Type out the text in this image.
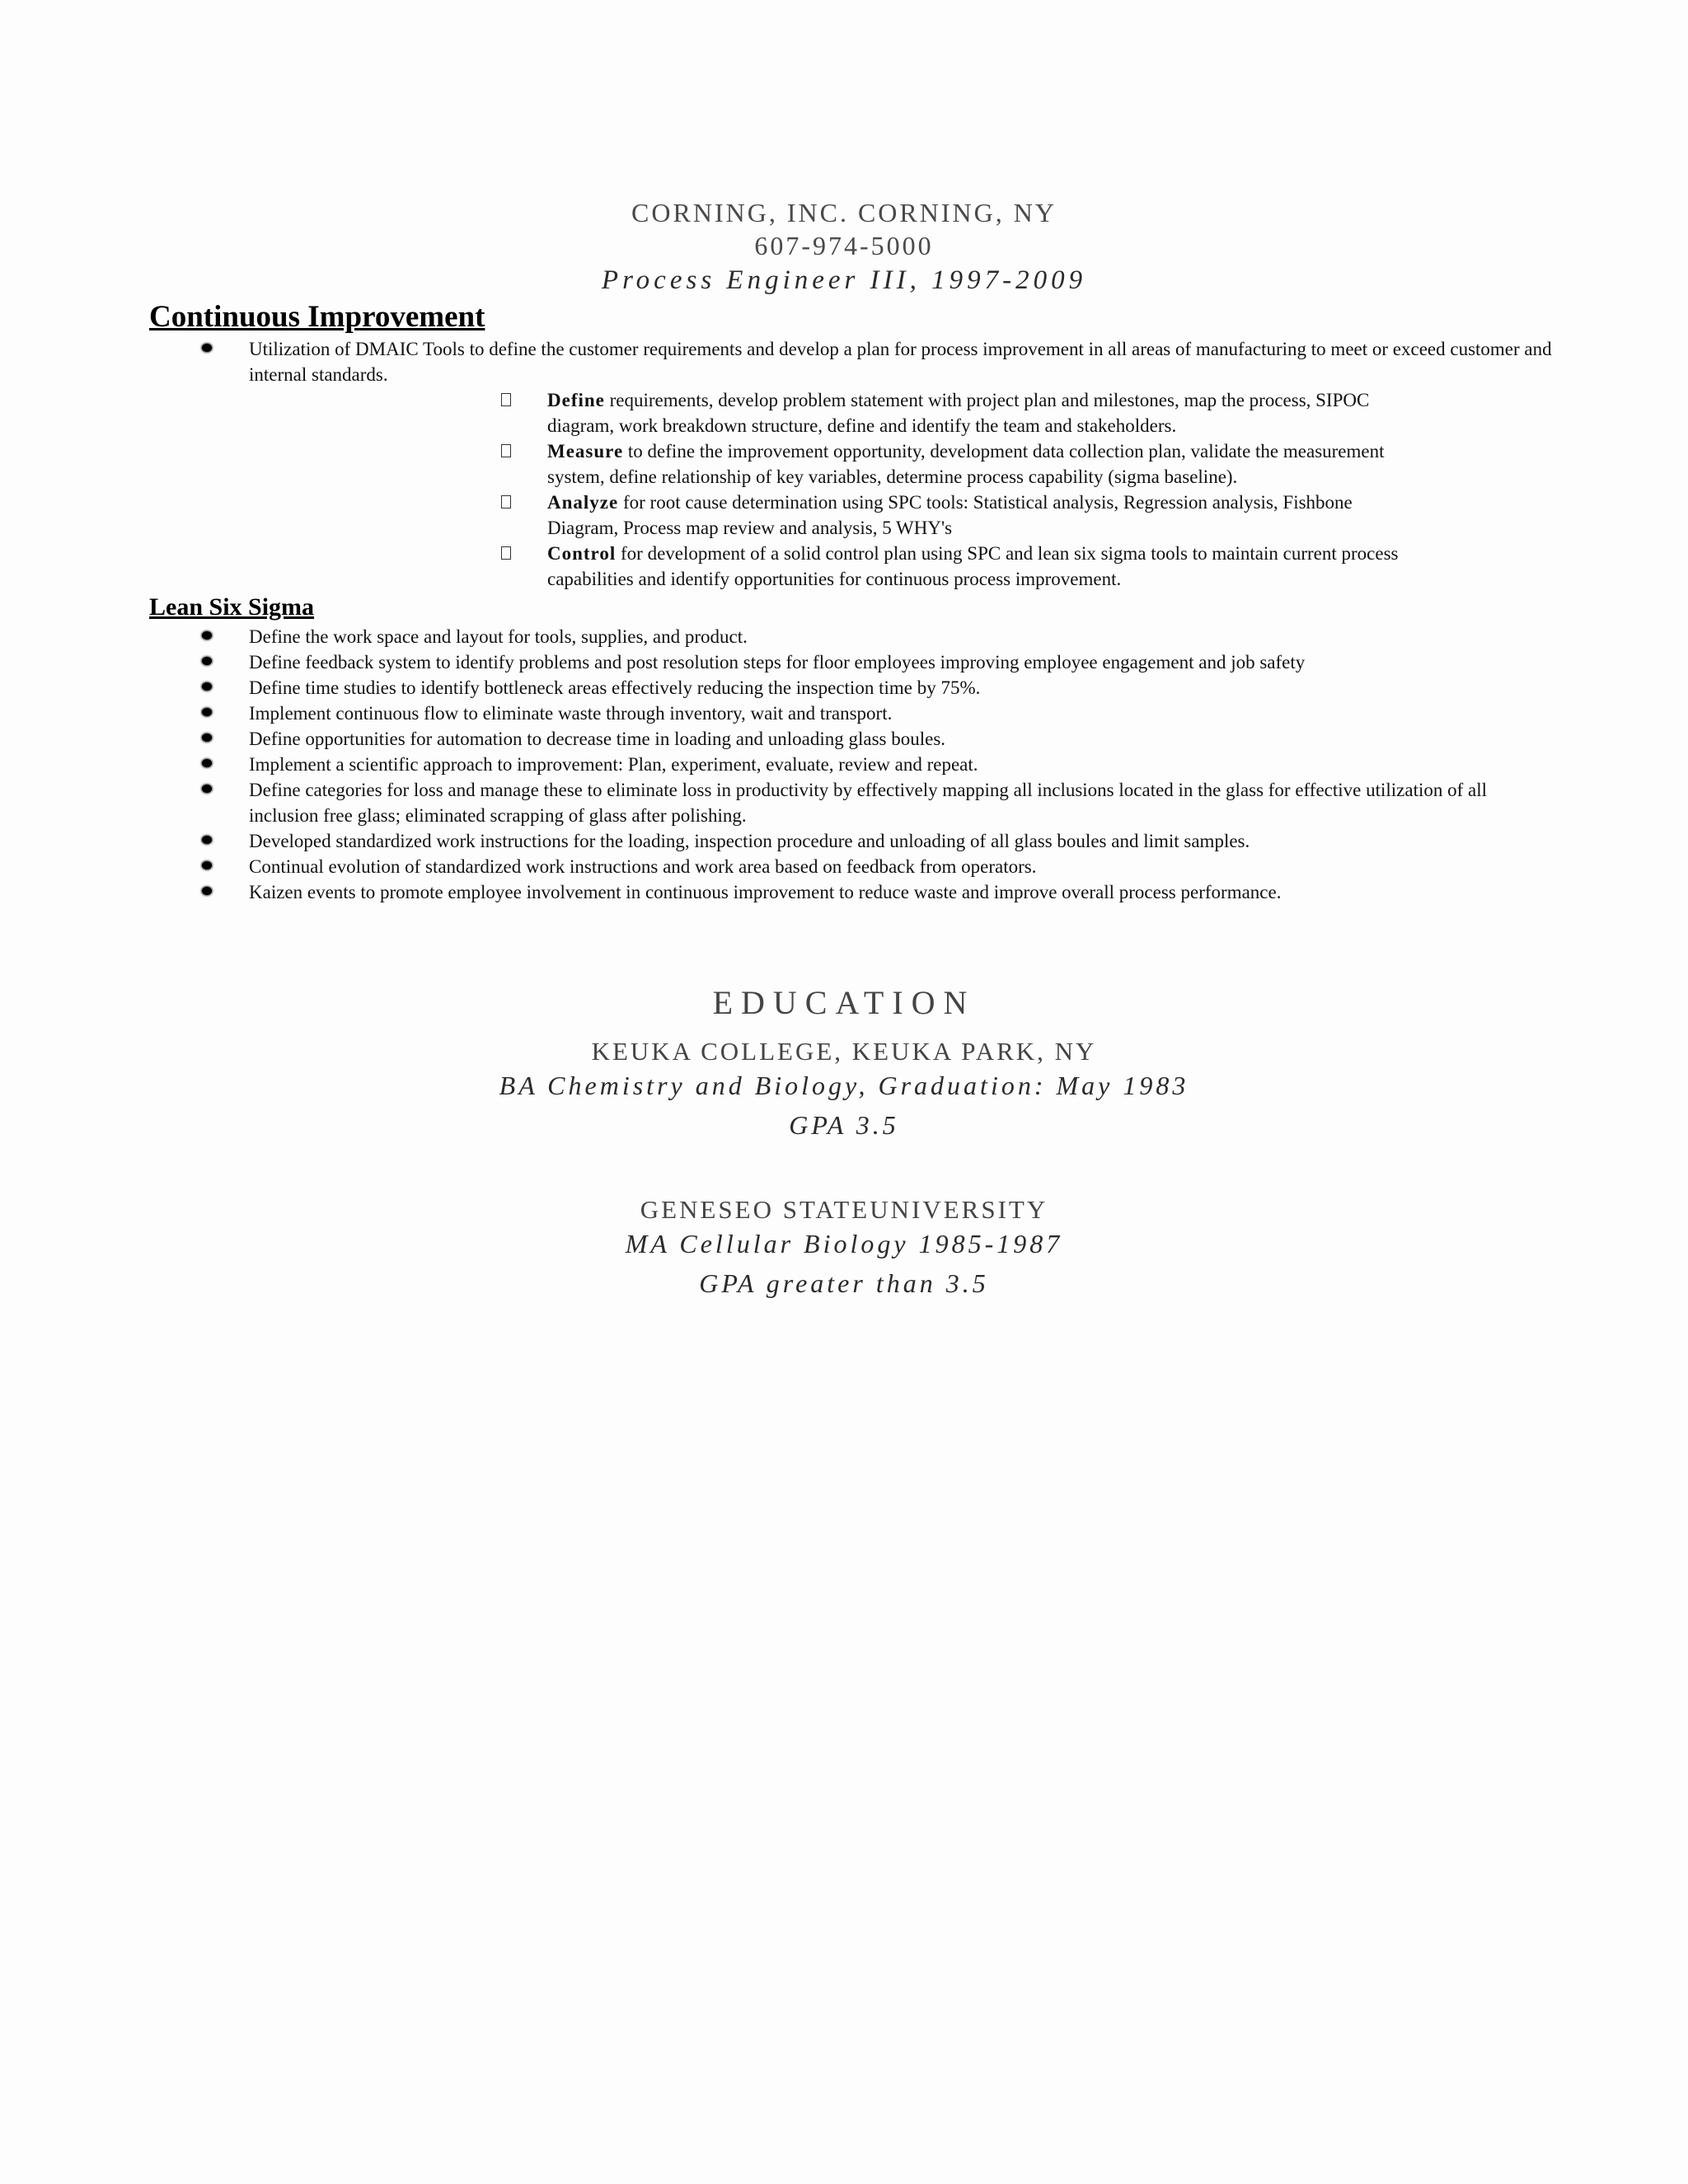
CORNING, INC. CORNING, NY
607-974-5000
Process Engineer III, 1997-2009
Continuous Improvement
Utilization of DMAIC Tools to define the customer requirements and develop a plan for process improvement in all areas of manufacturing to meet or exceed customer and internal standards.
Define requirements, develop problem statement with project plan and milestones, map the process, SIPOC diagram, work breakdown structure, define and identify the team and stakeholders.
Measure to define the improvement opportunity, development data collection plan, validate the measurement system, define relationship of key variables, determine process capability (sigma baseline).
Analyze for root cause determination using SPC tools: Statistical analysis, Regression analysis, Fishbone Diagram, Process map review and analysis, 5 WHY's
Control for development of a solid control plan using SPC and lean six sigma tools to maintain current process capabilities and identify opportunities for continuous process improvement.
Lean Six Sigma
Define the work space and layout for tools, supplies, and product.
Define feedback system to identify problems and post resolution steps for floor employees improving employee engagement and job safety
Define time studies to identify bottleneck areas effectively reducing the inspection time by 75%.
Implement continuous flow to eliminate waste through inventory, wait and transport.
Define opportunities for automation to decrease time in loading and unloading glass boules.
Implement a scientific approach to improvement: Plan, experiment, evaluate, review and repeat.
Define categories for loss and manage these to eliminate loss in productivity by effectively mapping all inclusions located in the glass for effective utilization of all inclusion free glass; eliminated scrapping of glass after polishing.
Developed standardized work instructions for the loading, inspection procedure and unloading of all glass boules and limit samples.
Continual evolution of standardized work instructions and work area based on feedback from operators.
Kaizen events to promote employee involvement in continuous improvement to reduce waste and improve overall process performance.
EDUCATION
KEUKA COLLEGE, KEUKA PARK, NY
BA Chemistry and Biology, Graduation: May 1983
GPA 3.5
GENESEO STATEUNIVERSITY
MA Cellular Biology 1985-1987
GPA greater than 3.5
